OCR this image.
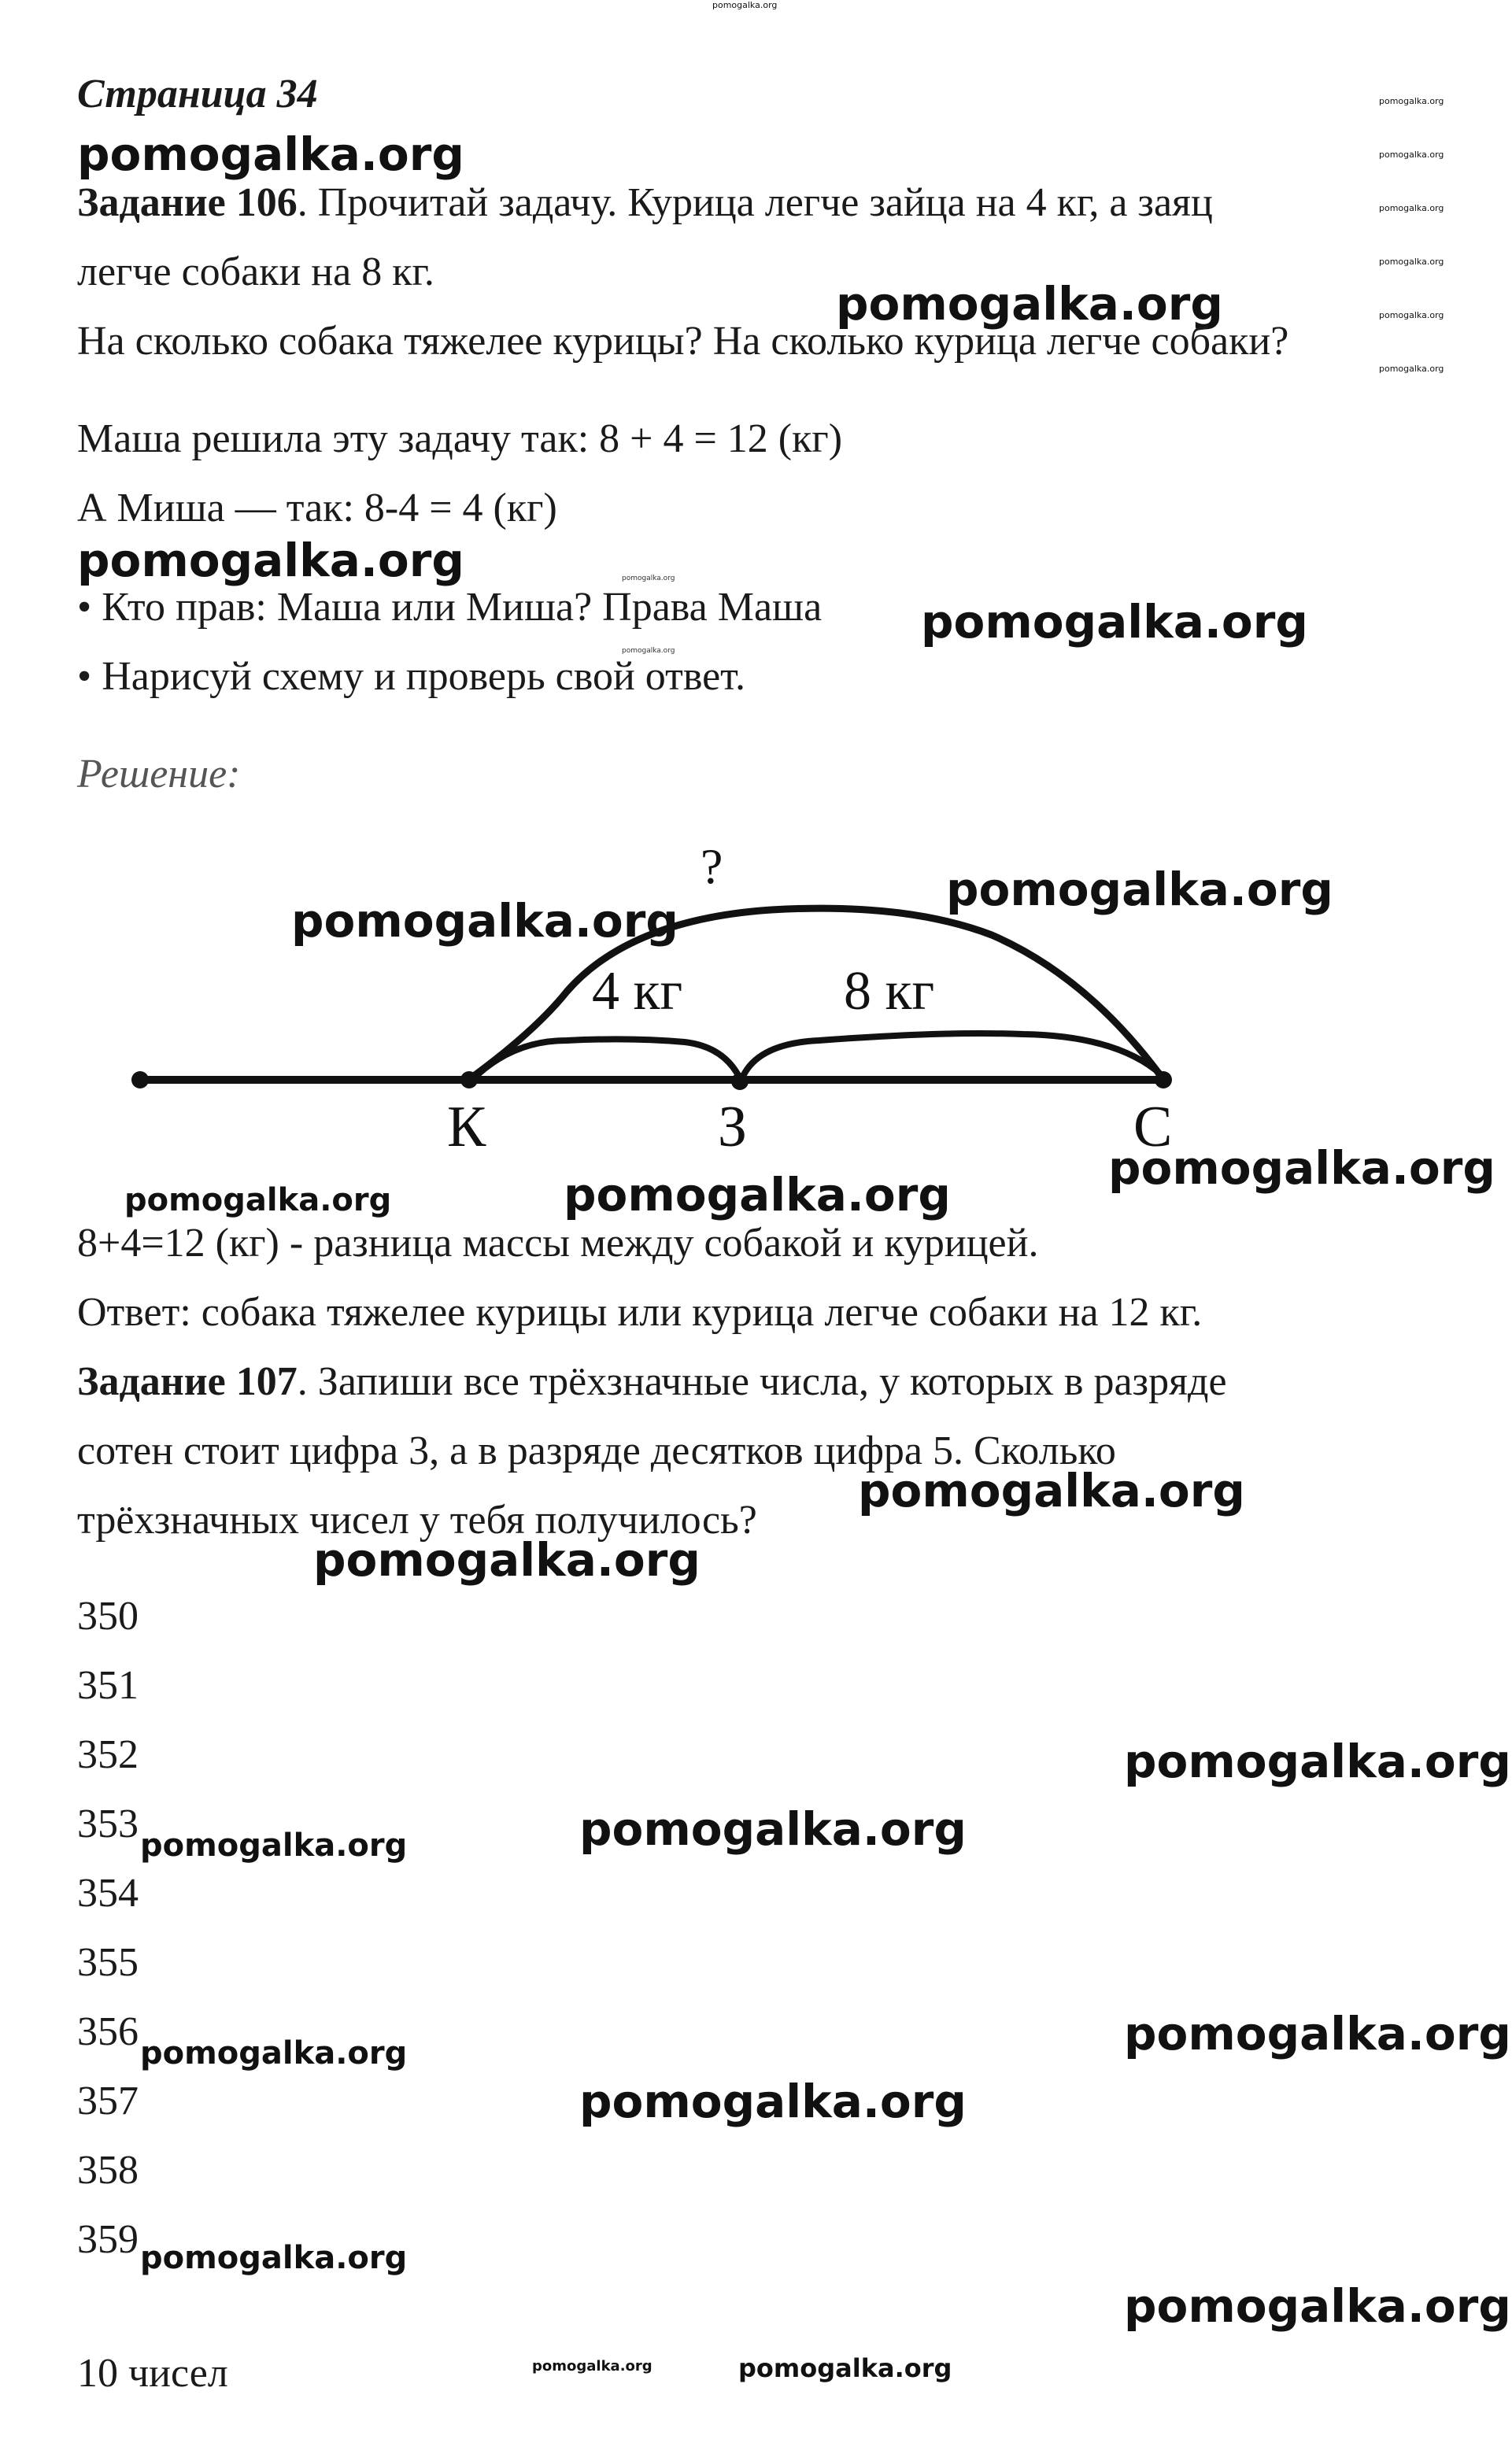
pomogalka.org
Страница 34
pomogalka.org
pomogalka.org
pomogalka.org
pomogalka.org
pomogalka.org
pomogalka.org
pomogalka.org
Задание 106. Прочитай задачу. Курица легче зайца на 4 кг, а заяц
легче собаки на 8 кг.
pomogalka.org
На сколько собака тяжелее курицы? На сколько курица легче собаки?
Маша решила эту задачу так: 8 + 4 = 12 (кг)
А Миша — так: 8-4 = 4 (кг)
pomogalka.org	pomogalka.org
• Кто прав: Маша или Миша? Права Маша pomogalka.org
pomogalka.org
• Нарисуй схему и проверь свой ответ.
Решение:
?
4 кг	8 кг
К	З	С
pomogalka.org
pomogalka.org
pomogalka.org
pomogalka.org	pomogalka.org
8+4=12 (кг) - разница массы между собакой и курицей.
Ответ: собака тяжелее курицы или курица легче собаки на 12 кг.
Задание 107. Запиши все трёхзначные числа, у которых в разряде
сотен стоит цифра 3, а в разряде десятков цифра 5. Сколько
трёхзначных чисел у тебя получилось?
pomogalka.org
pomogalka.org
350
351
352
353
354
355
356
357
358
359
pomogalka.org
pomogalka.org	pomogalka.org
pomogalka.org
pomogalka.org
pomogalka.org
pomogalka.org
pomogalka.org
10 чисел	pomogalka.org	pomogalka.org
